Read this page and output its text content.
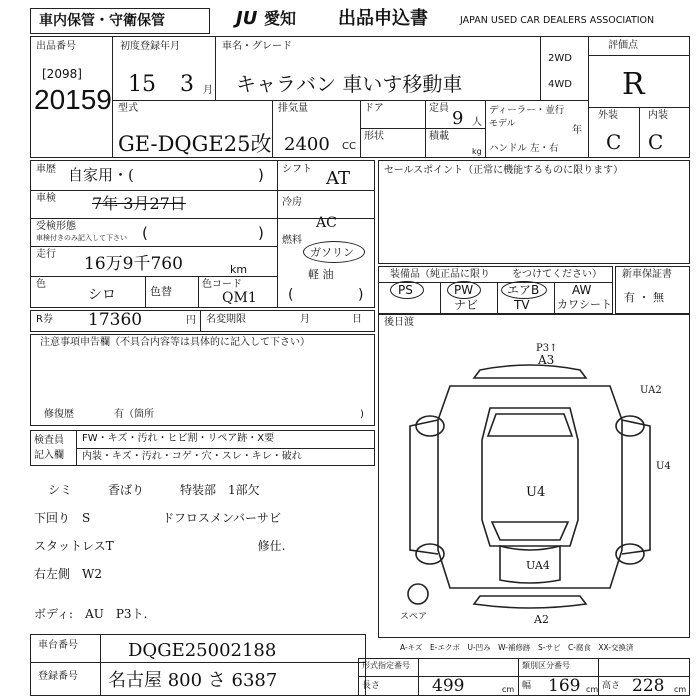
車内保管・守衛保管	JU 愛知 出品申込書	JAPAN USED CAR DEALERS ASSOCIATION
出品番号
[2098]
20159
初度登録年月
15 3 月
車名・グレード
キャラバン 車いす移動車
2WD
4WD
評価点
R
型式
GE-DQGE25改
排気量
2400 CC
ドア	定員 9 人
形状	積載
kg
ディーラー・並行
モデル
年
ハンドル 左・右
外装	内装
C C
車歴 自家用・(	)
車検 7年 3月27日
受検形態
車検付きのみ記入して下さい (	)
走行 16万9千760	km
色
シロ	色替
色コード
QM1
シフト AT
冷房
AC
燃料
ガソリン
軽 油
(	)
セールスポイント（正常に機能するものに限ります）
装備品（純正品に限り をつけてください）
PS	PW	エアB	AW
ナビ	TV カワシート
新車保証書
有 ・ 無
R券 17360	円 名変期限	月	日
注意事項申告欄（不具合内容等は具体的に記入して下さい）
修復歴	有（箇所	)
検査員
記入欄
FW・キズ・汚れ・ヒビ割・リペア跡・X要
内装・キズ・汚れ・コゲ・穴・スレ・キレ・破れ
シミ　　　香ばり　　　特装部　1部欠
下回り　S　　　　　　ドフロスメンバーサビ
スタットレスT　　　　　　　　　　　　修仕.
右左側　W2
ボディ:　AU　P3ト.
後日渡
P3↑
A3
UA2
U4
U4
UA4
A2
スペア
A-キズ　E-エクボ　U-凹み　W-補修跡　S-サビ　C-腐食　XX-交換済
車台番号	DQGE25002188
登録番号 名古屋 800 さ 6387
形式指定番号	類別区分番号
長さ	499	cm 幅 169 cm 高さ 228 cm
